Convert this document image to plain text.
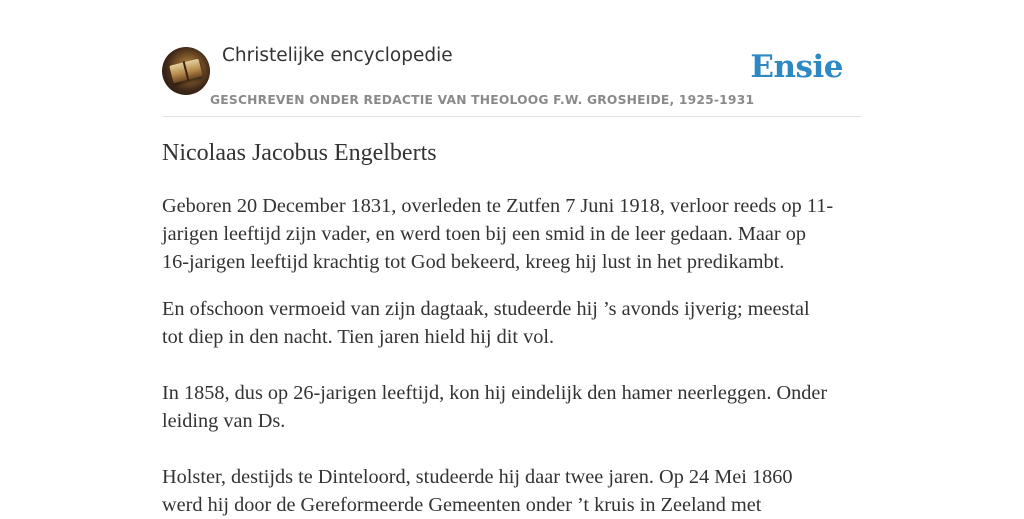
Christelijke encyclopedie
GESCHREVEN ONDER REDACTIE VAN THEOLOOG F.W. GROSHEIDE, 1925-1931
Ensie
Nicolaas Jacobus Engelberts

Geboren 20 December 1831, overleden te Zutfen 7 Juni 1918, verloor reeds op 11-

jarigen leeftijd zijn vader, en werd toen bij een smid in de leer gedaan. Maar op

16-jarigen leeftijd krachtig tot God bekeerd, kreeg hij lust in het predikambt.

En ofschoon vermoeid van zijn dagtaak, studeerde hij ’s avonds ijverig; meestal

tot diep in den nacht. Tien jaren hield hij dit vol.

In 1858, dus op 26-jarigen leeftijd, kon hij eindelijk den hamer neerleggen. Onder

leiding van Ds.

Holster, destijds te Dinteloord, studeerde hij daar twee jaren. Op 24 Mei 1860

werd hij door de Gereformeerde Gemeenten onder ’t kruis in Zeeland met
